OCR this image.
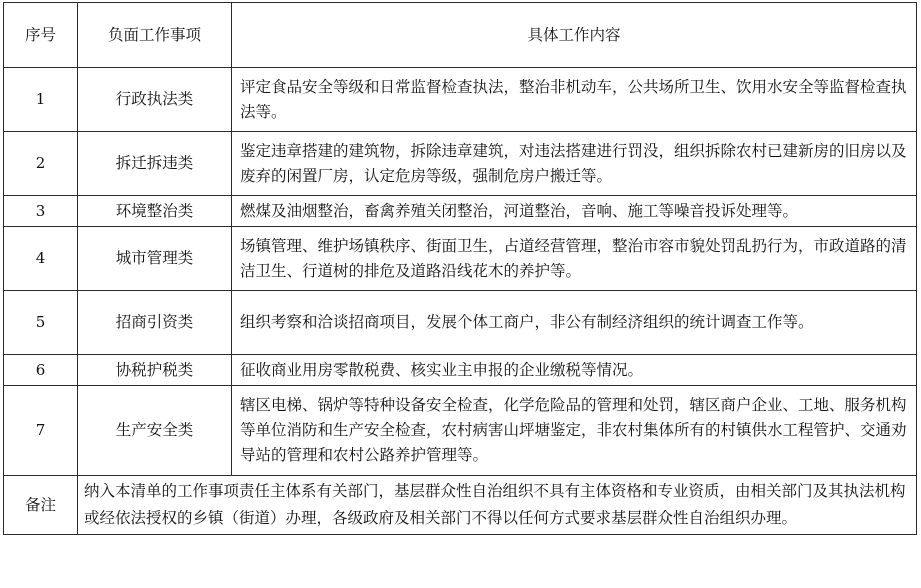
序号	负面工作事项	具体工作内容
1	行政执法类	评定食品安全等级和日常监督检查执法，整治非机动车，公共场所卫生、饮用水安全等监督检查执法等。
2	拆迁拆违类	鉴定违章搭建的建筑物，拆除违章建筑，对违法搭建进行罚没，组织拆除农村已建新房的旧房以及废弃的闲置厂房，认定危房等级，强制危房户搬迁等。
3	环境整治类	燃煤及油烟整治，畜禽养殖关闭整治，河道整治，音响、施工等噪音投诉处理等。
4	城市管理类	场镇管理、维护场镇秩序、街面卫生，占道经营管理，整治市容市貌处罚乱扔行为，市政道路的清洁卫生、行道树的排危及道路沿线花木的养护等。
5	招商引资类	组织考察和洽谈招商项目，发展个体工商户，非公有制经济组织的统计调查工作等。
6	协税护税类	征收商业用房零散税费、核实业主申报的企业缴税等情况。
7	生产安全类	辖区电梯、锅炉等特种设备安全检查，化学危险品的管理和处罚，辖区商户企业、工地、服务机构等单位消防和生产安全检查，农村病害山坪塘鉴定，非农村集体所有的村镇供水工程管护、交通劝导站的管理和农村公路养护管理等。
备注	纳入本清单的工作事项责任主体系有关部门，基层群众性自治组织不具有主体资格和专业资质，由相关部门及其执法机构或经依法授权的乡镇（街道）办理，各级政府及相关部门不得以任何方式要求基层群众性自治组织办理。	
